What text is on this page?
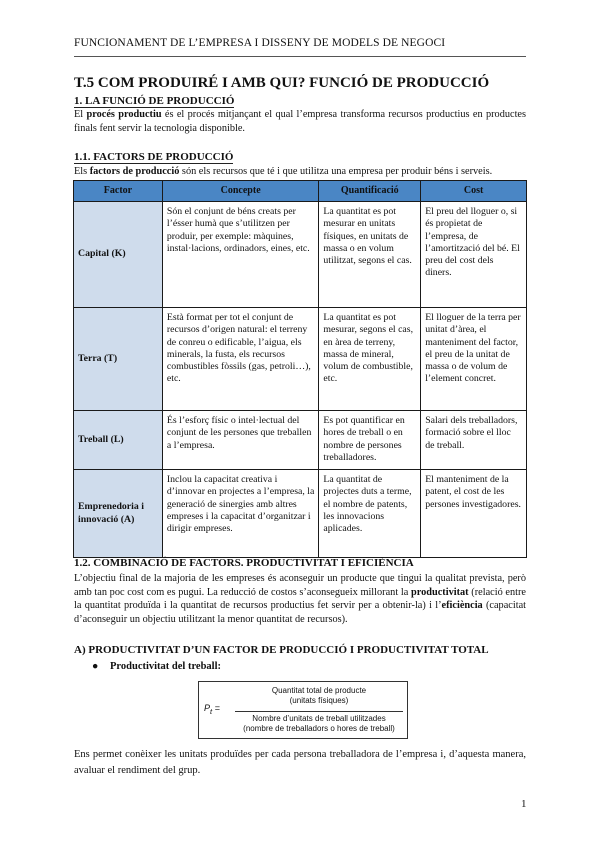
FUNCIONAMENT DE L’EMPRESA I DISSENY DE MODELS DE NEGOCI
T.5 COM PRODUIRÉ I AMB QUI? FUNCIÓ DE PRODUCCIÓ
1. LA FUNCIÓ DE PRODUCCIÓ
El procés productiu és el procés mitjançant el qual l’empresa transforma recursos productius en productes finals fent servir la tecnologia disponible.
1.1. FACTORS DE PRODUCCIÓ
Els factors de producció són els recursos que té i que utilitza una empresa per produir béns i serveis.
Factor	Concepte	Quantificació	Cost
Capital (K)	Són el conjunt de béns creats per l’ésser humà que s’utilitzen per produir, per exemple: màquines, instal·lacions, ordinadors, eines, etc.	La quantitat es pot mesurar en unitats físiques, en unitats de massa o en volum utilitzat, segons el cas.	El preu del lloguer o, si és propietat de l’empresa, de l’amortització del bé. El preu del cost dels diners.
Terra (T)	Està format per tot el conjunt de recursos d’origen natural: el terreny de conreu o edificable, l’aigua, els minerals, la fusta, els recursos combustibles fòssils (gas, petroli…), etc.	La quantitat es pot mesurar, segons el cas, en àrea de terreny, massa de mineral, volum de combustible, etc.	El lloguer de la terra per unitat d’àrea, el manteniment del factor, el preu de la unitat de massa o de volum de l’element concret.
Treball (L)	És l’esforç físic o intel·lectual del conjunt de les persones que treballen a l’empresa.	Es pot quantificar en hores de treball o en nombre de persones treballadores.	Salari dels treballadors, formació sobre el lloc de treball.
Emprenedoria i innovació (A)	Inclou la capacitat creativa i d’innovar en projectes a l’empresa, la generació de sinergies amb altres empreses i la capacitat d’organitzar i dirigir empreses.	La quantitat de projectes duts a terme, el nombre de patents, les innovacions aplicades.	El manteniment de la patent, el cost de les persones investigadores.
1.2. COMBINACIÓ DE FACTORS. PRODUCTIVITAT I EFICIÈNCIA
L’objectiu final de la majoria de les empreses és aconseguir un producte que tingui la qualitat prevista, però amb tan poc cost com es pugui. La reducció de costos s’aconsegueix millorant la productivitat (relació entre la quantitat produïda i la quantitat de recursos productius fet servir per a obtenir-la) i l’eficiència (capacitat d’aconseguir un objectiu utilitzant la menor quantitat de recursos).
A) PRODUCTIVITAT D’UN FACTOR DE PRODUCCIÓ I PRODUCTIVITAT TOTAL
● Productivitat del treball:
$P_t$ =
Quantitat total de producte
(unitats físiques)
Nombre d’unitats de treball utilitzades
(nombre de treballadors o hores de treball)
Ens permet conèixer les unitats produïdes per cada persona treballadora de l’empresa i, d’aquesta manera, avaluar el rendiment del grup.
1
